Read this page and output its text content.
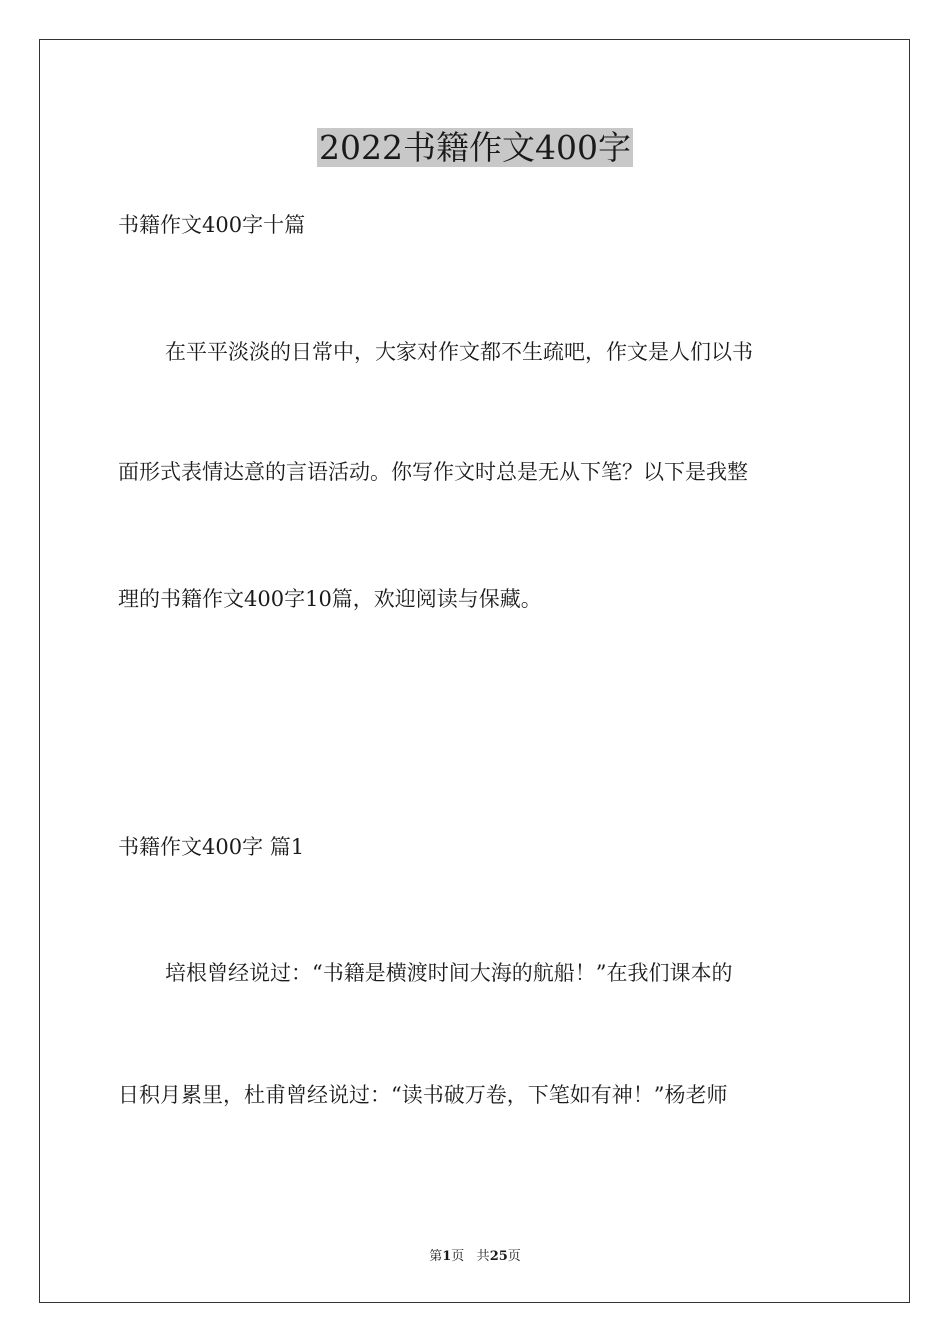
2022书籍作文400字

书籍作文400字十篇

在平平淡淡的日常中，大家对作文都不生疏吧，作文是人们以书

面形式表情达意的言语活动。你写作文时总是无从下笔？以下是我整

理的书籍作文400字10篇，欢迎阅读与保藏。

书籍作文400字 篇1

培根曾经说过：“书籍是横渡时间大海的航船！”在我们课本的

日积月累里，杜甫曾经说过：“读书破万卷，下笔如有神！”杨老师

第1页 共25页
